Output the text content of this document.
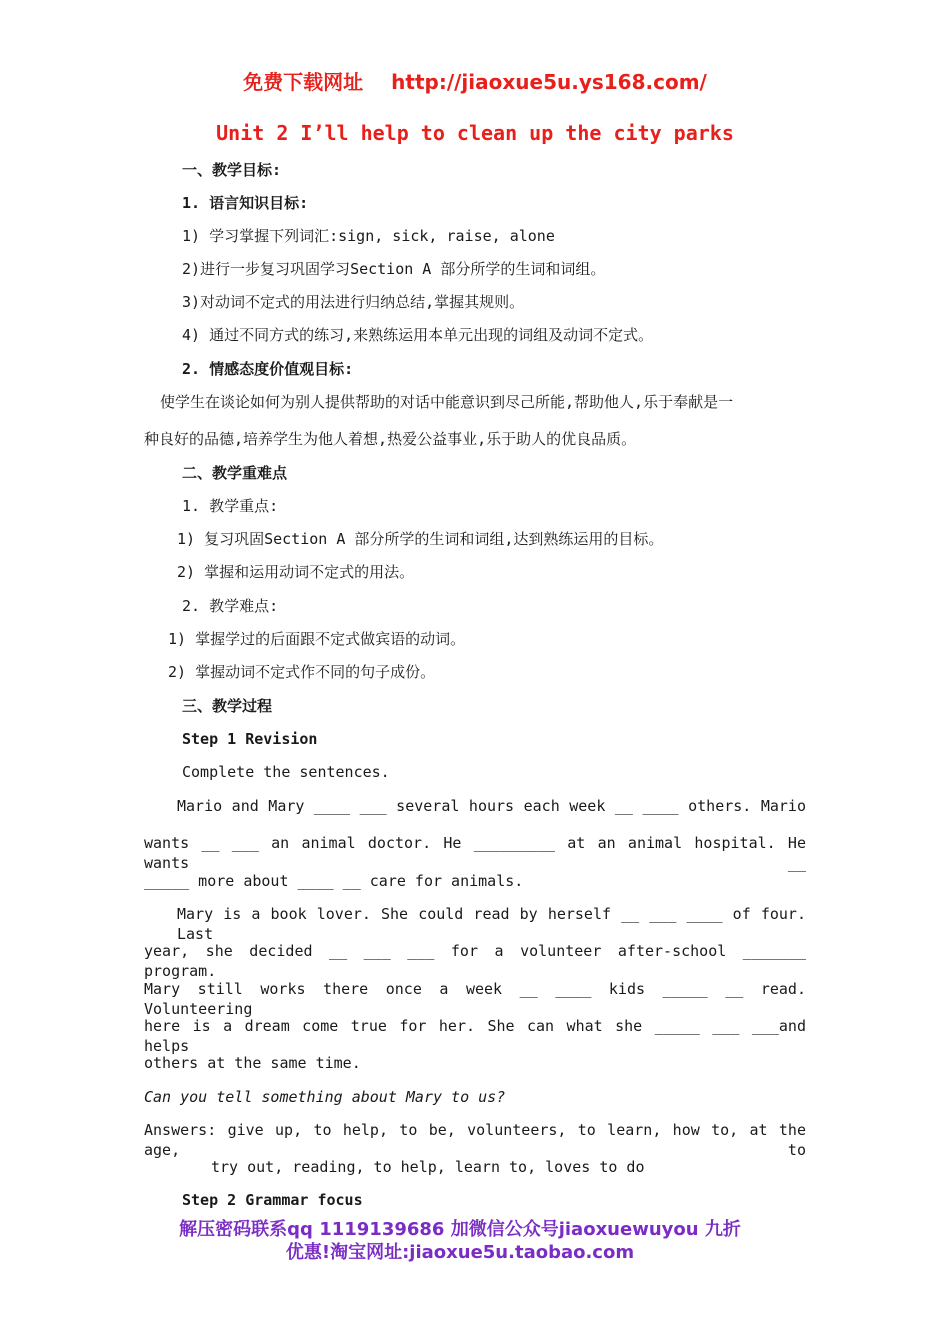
免费下载网址 http://jiaoxue5u.ys168.com/
Unit 2 I’ll help to clean up the city parks
一、教学目标:
1. 语言知识目标:
1) 学习掌握下列词汇:sign, sick, raise, alone
2)进行一步复习巩固学习Section A 部分所学的生词和词组。
3)对动词不定式的用法进行归纳总结,掌握其规则。
4) 通过不同方式的练习,来熟练运用本单元出现的词组及动词不定式。
2. 情感态度价值观目标:
使学生在谈论如何为别人提供帮助的对话中能意识到尽己所能,帮助他人,乐于奉献是一
种良好的品德,培养学生为他人着想,热爱公益事业,乐于助人的优良品质。
二、教学重难点
1. 教学重点:
1) 复习巩固Section A 部分所学的生词和词组,达到熟练运用的目标。
2) 掌握和运用动词不定式的用法。
2. 教学难点:
1) 掌握学过的后面跟不定式做宾语的动词。
2) 掌握动词不定式作不同的句子成份。
三、教学过程
Step 1 Revision
Complete the sentences.
Mario and Mary ____ ___ several hours each week __ ____ others. Mario
wants __ ___ an animal doctor. He _________ at an animal hospital. He wants __
_____ more about ____ __ care for animals.
Mary is a book lover. She could read by herself __ ___ ____ of four. Last
year, she decided __ ___ ___ for a volunteer after-school _______ program.
Mary still works there once a week __ ____ kids _____ __ read. Volunteering
here is a dream come true for her. She can what she _____ ___ ___and helps
others at the same time.
Can you tell something about Mary to us?
Answers: give up, to help, to be, volunteers, to learn, how to, at the age, to
try out, reading, to help, learn to, loves to do
Step 2 Grammar focus
解压密码联系qq 1119139686 加微信公众号jiaoxuewuyou 九折
优惠!淘宝网址:jiaoxue5u.taobao.com
